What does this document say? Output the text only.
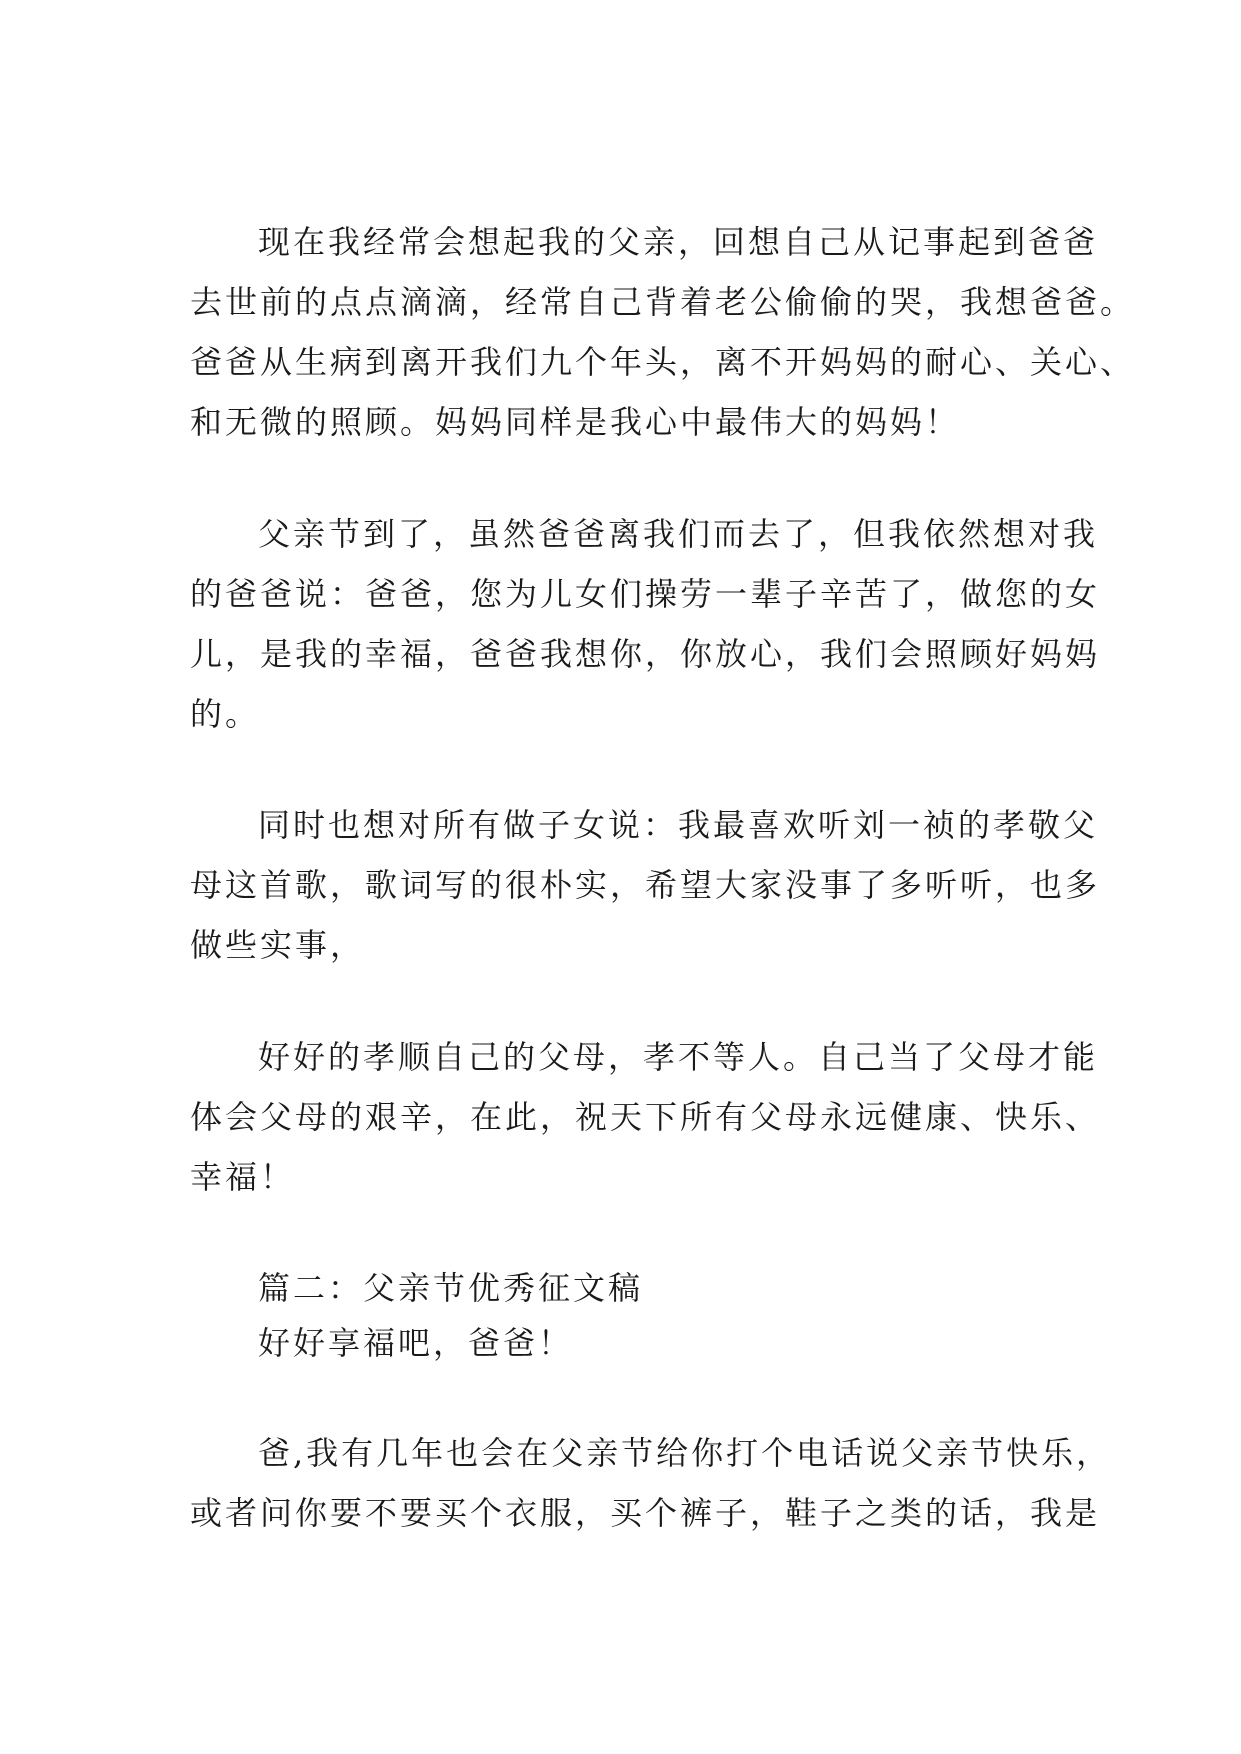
现在我经常会想起我的父亲，回想自己从记事起到爸爸
去世前的点点滴滴，经常自己背着老公偷偷的哭，我想爸爸。
爸爸从生病到离开我们九个年头，离不开妈妈的耐心、关心、
和无微的照顾。妈妈同样是我心中最伟大的妈妈！
父亲节到了，虽然爸爸离我们而去了，但我依然想对我
的爸爸说：爸爸，您为儿女们操劳一辈子辛苦了，做您的女
儿，是我的幸福，爸爸我想你，你放心，我们会照顾好妈妈
的。
同时也想对所有做子女说：我最喜欢听刘一祯的孝敬父
母这首歌，歌词写的很朴实，希望大家没事了多听听，也多
做些实事，
好好的孝顺自己的父母，孝不等人。自己当了父母才能
体会父母的艰辛，在此，祝天下所有父母永远健康、快乐、
幸福！
篇二：父亲节优秀征文稿
好好享福吧，爸爸！
爸,我有几年也会在父亲节给你打个电话说父亲节快乐，
或者问你要不要买个衣服，买个裤子，鞋子之类的话，我是
